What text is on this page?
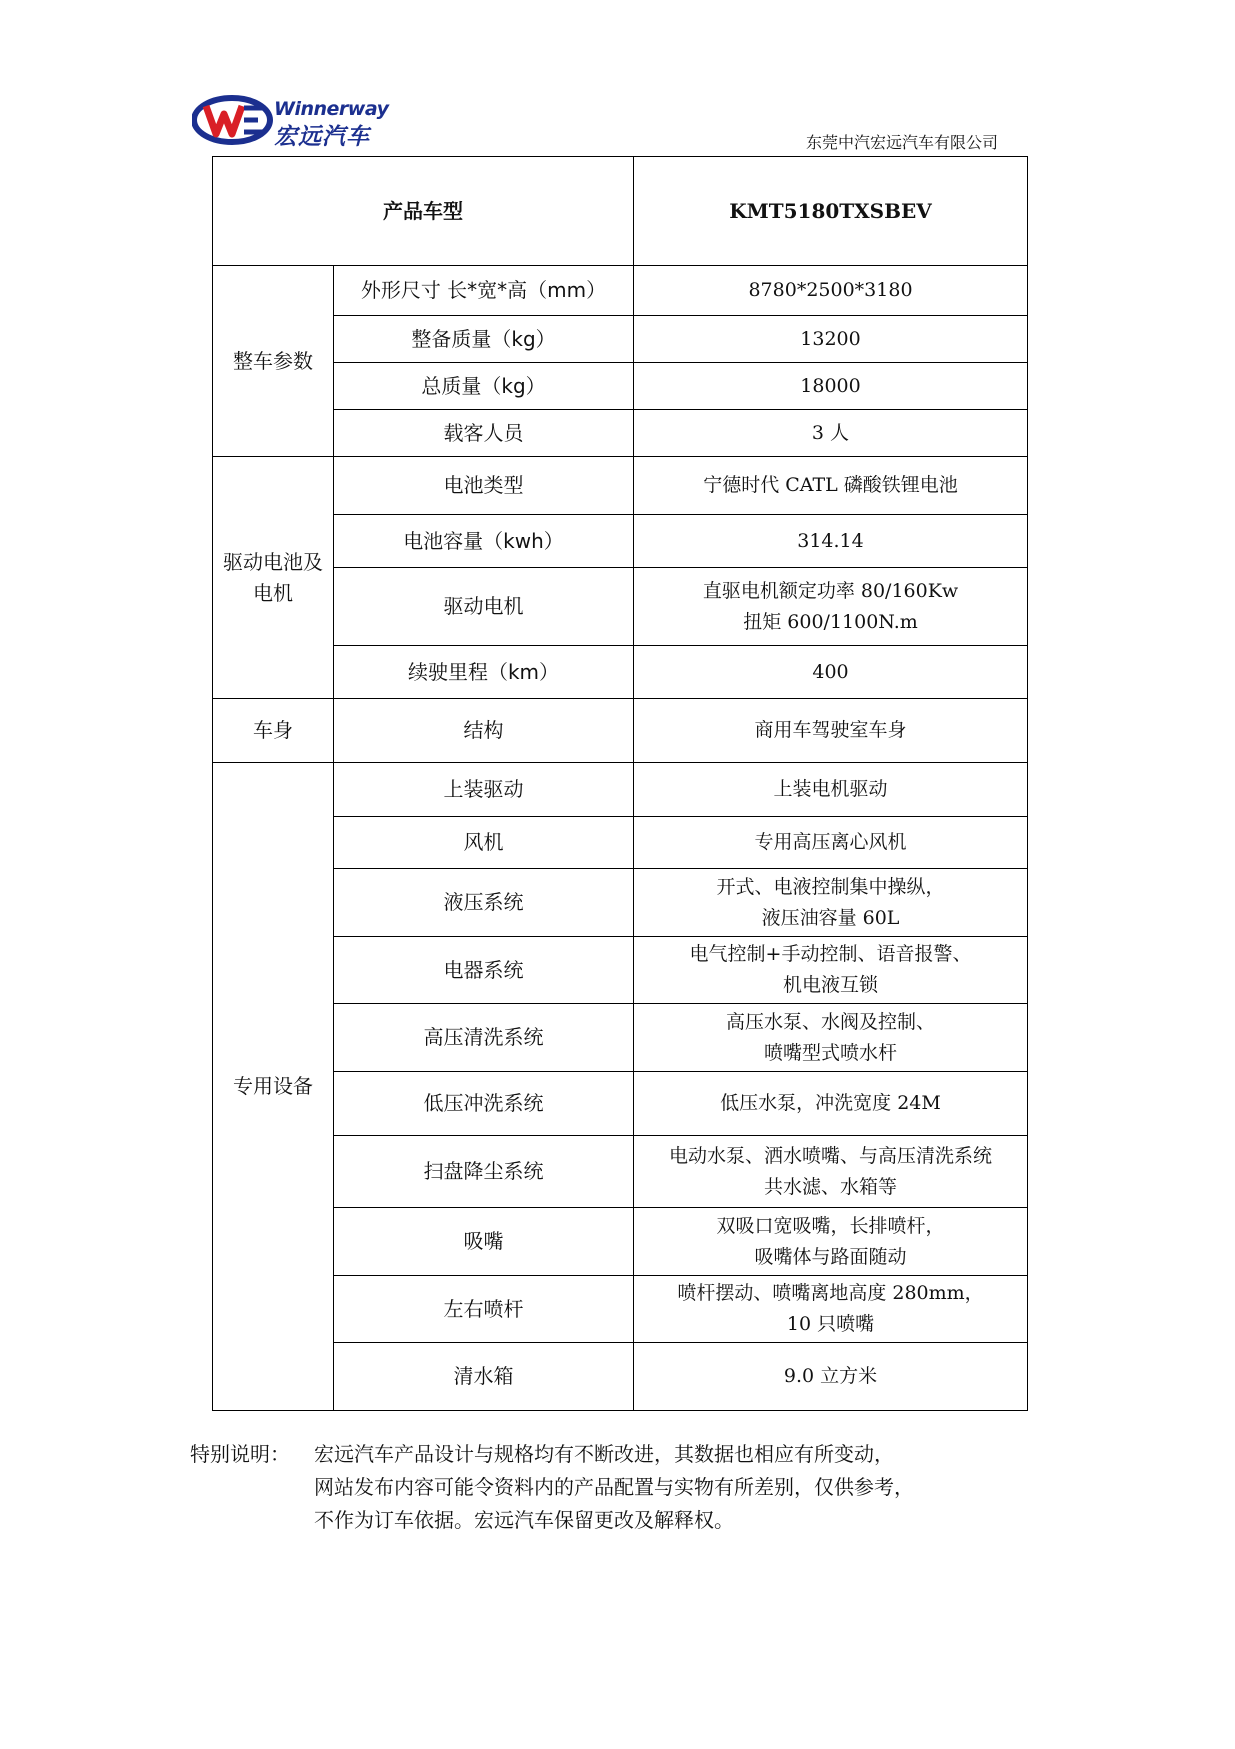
Winnerway
宏远汽车	东莞中汽宏远汽车有限公司
产品车型		KMT5180TXSBEV
整车参数	外形尺寸 长*宽*高（mm）	8780*2500*3180

	整备质量（kg）	13200

	总质量（kg）	18000

	载客人员	3 人

驱动电池及
电机	电池类型	宁德时代 CATL 磷酸铁锂电池

	电池容量（kwh）	314.14

	驱动电机	直驱电机额定功率 80/160Kw
扭矩 600/1100N.m

	续驶里程（km）	400

车身	结构	商用车驾驶室车身

专用设备	上装驱动	上装电机驱动

	风机	专用高压离心风机

	液压系统	开式、电液控制集中操纵，
液压油容量 60L

	电器系统	电气控制+手动控制、语音报警、
机电液互锁

	高压清洗系统	高压水泵、水阀及控制、
喷嘴型式喷水杆

	低压冲洗系统	低压水泵，冲洗宽度 24M

	扫盘降尘系统	电动水泵、洒水喷嘴、与高压清洗系统
共水滤、水箱等

	吸嘴	双吸口宽吸嘴，长排喷杆，
吸嘴体与路面随动

	左右喷杆	喷杆摆动、喷嘴离地高度 280mm，
10 只喷嘴

	清水箱	9.0 立方米
特别说明： 宏远汽车产品设计与规格均有不断改进，其数据也相应有所变动，
网站发布内容可能令资料内的产品配置与实物有所差别，仅供参考，
不作为订车依据。宏远汽车保留更改及解释权。
